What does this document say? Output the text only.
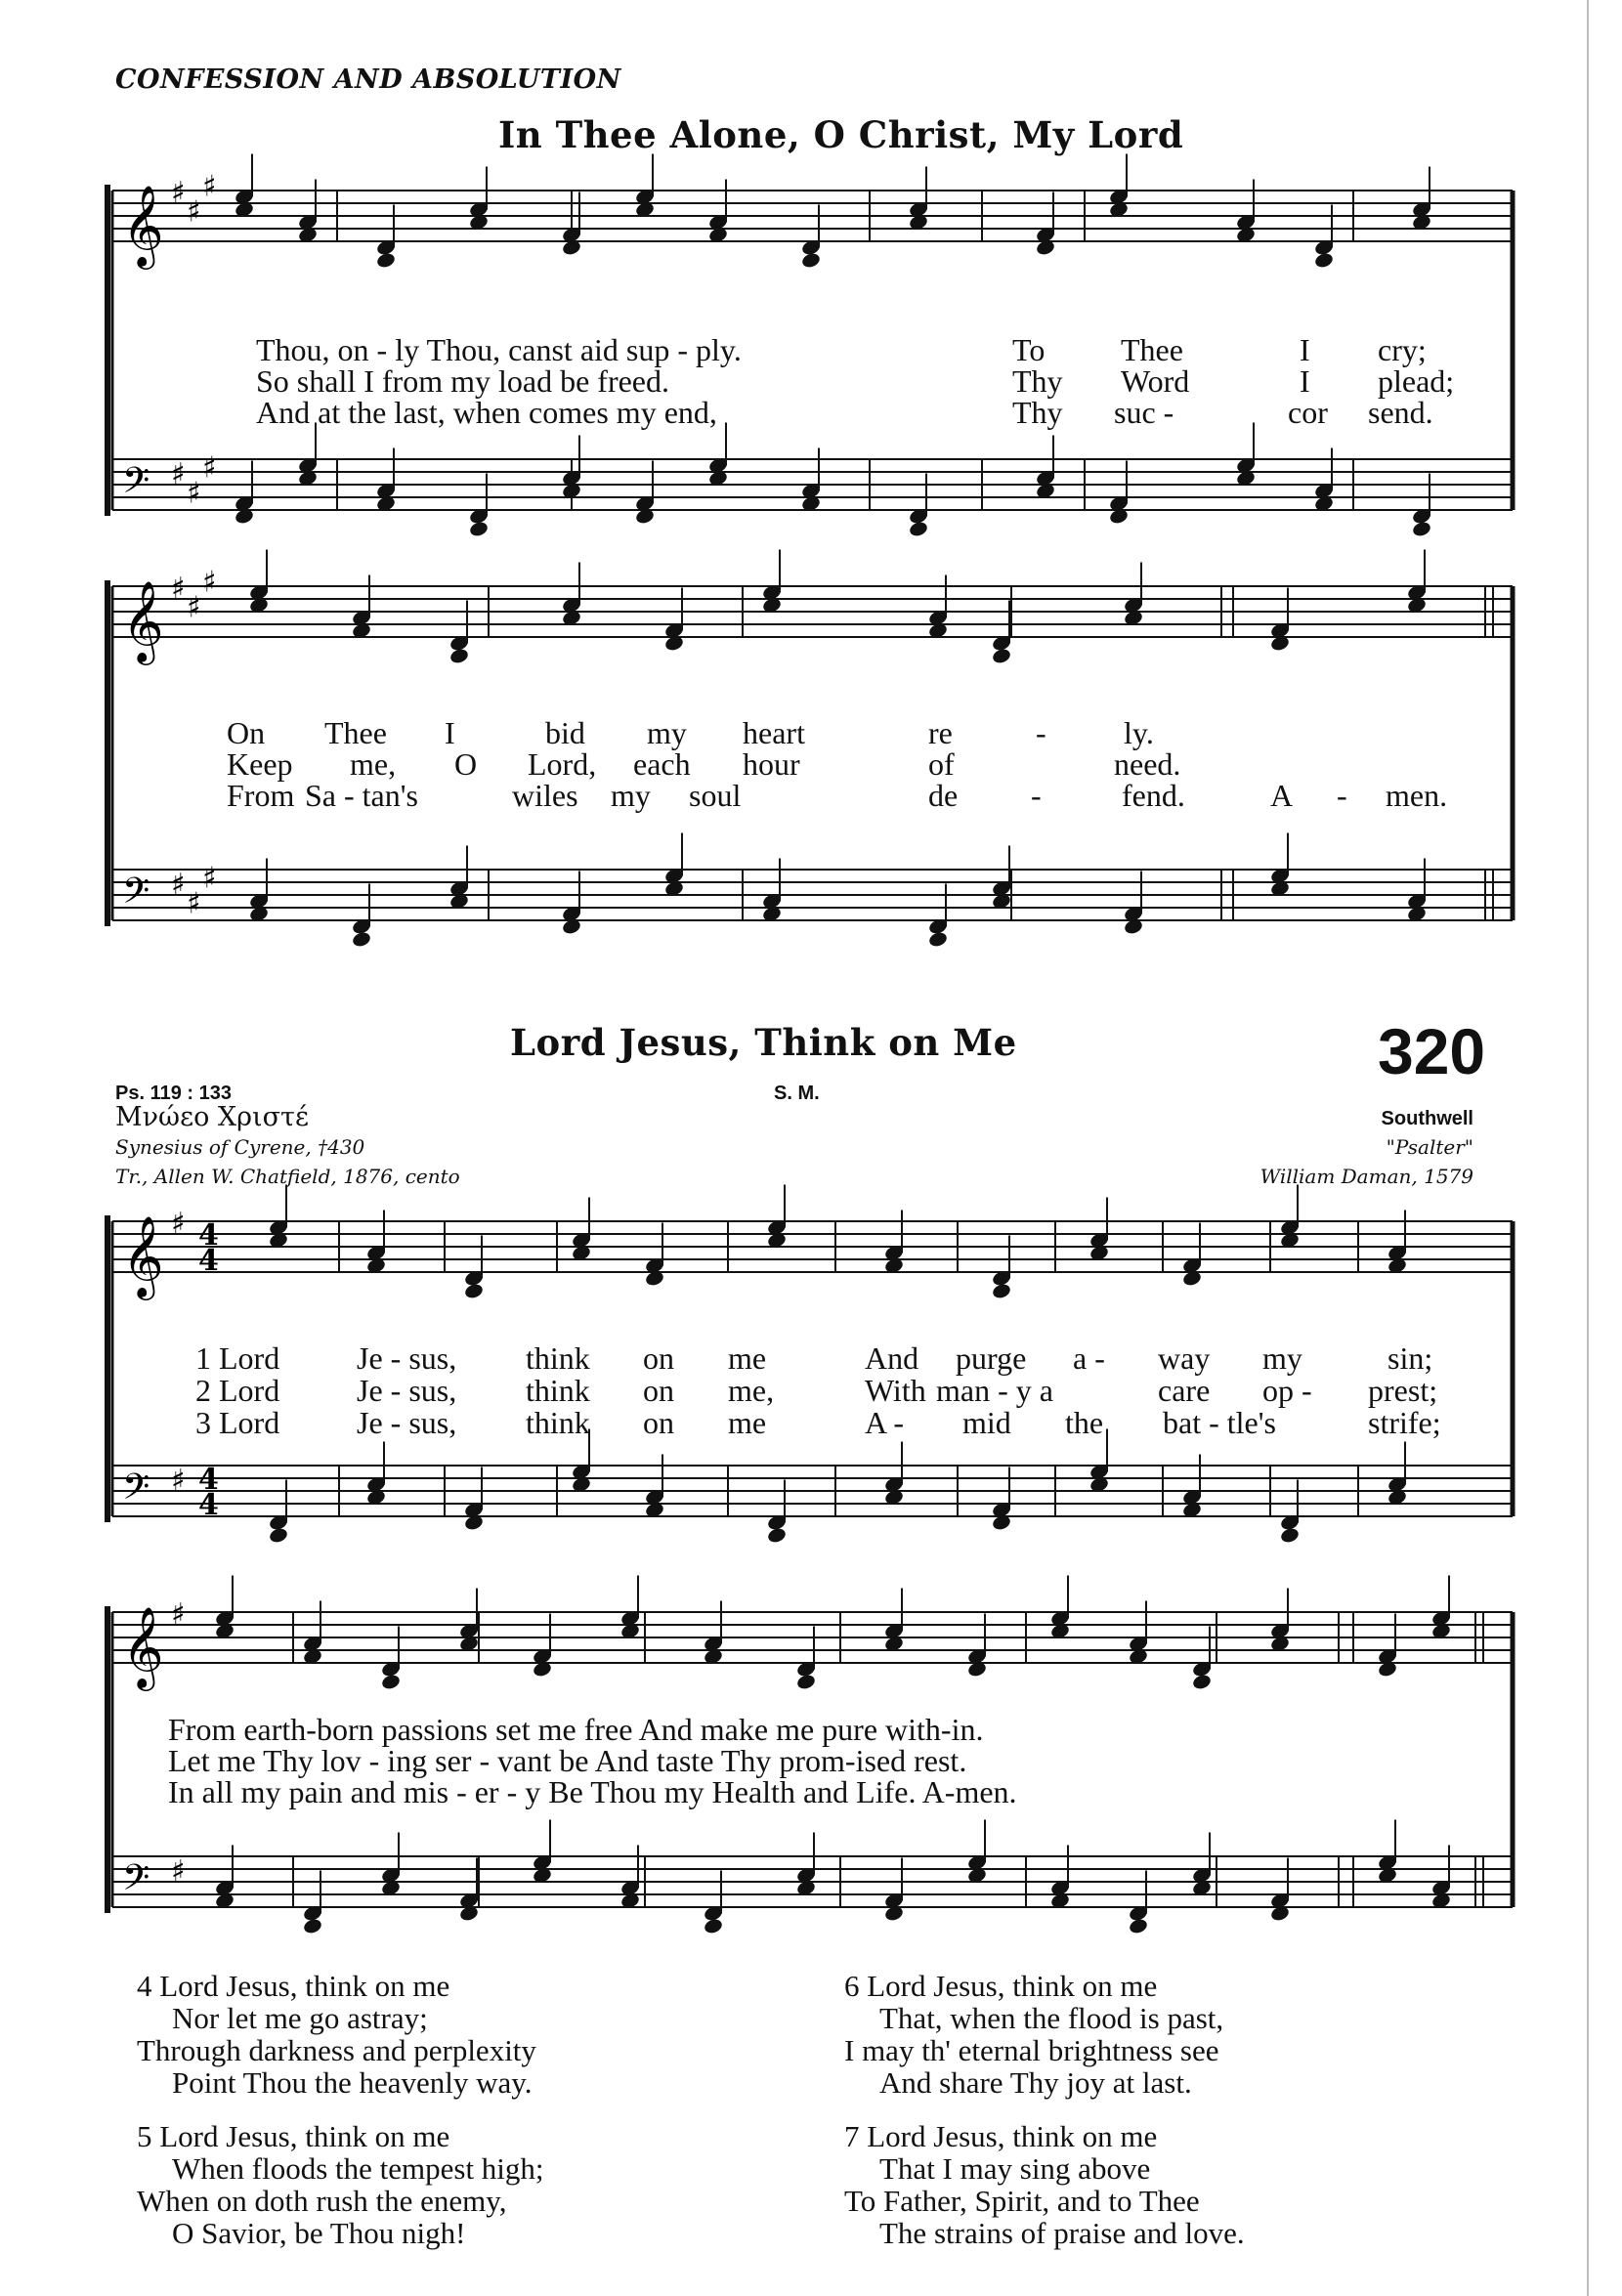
CONFESSION AND ABSOLUTION
In Thee Alone, O Christ, My Lord
𝄞
𝄢
♯
♯
♯
♯
♯
♯
Thou, on - ly Thou, canst aid sup - ply.	To Thee	I cry;
So shall I from my load be freed.	Thy Word	I plead;
And at the last, when comes my end,	Thy suc -	cor send.
𝄞
𝄢
♯
♯
♯
♯
♯
♯
On Thee I	bid my heart	re	- ly.
Keep me, O Lord, each hour	of	need.
From Sa - tan's	wiles my soul	de -	fend.	A - men.
Lord Jesus, Think on Me	320
Ps. 119 : 133	S. M.
Southwell
Μνώεο Χριστέ
Synesius of Cyrene, †430	"Psalter"
Tr., Allen W. Chatfield, 1876, cento	William Daman, 1579
𝄞
𝄢
♯
♯
4
4
4
4
1 Lord Je - sus, think on me	And purge a - way my	sin;
2 Lord Je - sus, think on me,	With man - y a	care op - prest;
3 Lord Je - sus, think on me	A - mid the bat - tle's	strife;
𝄞
𝄢
♯
♯
From earth-born passions set me free And make me pure with-in.
Let me Thy lov - ing ser - vant be And taste Thy prom-ised rest.
In all my pain and mis - er - y Be Thou my Health and Life. A-men.
4 Lord Jesus, think on me
Nor let me go astray;
Through darkness and perplexity
Point Thou the heavenly way.
5 Lord Jesus, think on me
When floods the tempest high;
When on doth rush the enemy,
O Savior, be Thou nigh!
6 Lord Jesus, think on me
That, when the flood is past,
I may th' eternal brightness see
And share Thy joy at last.
7 Lord Jesus, think on me
That I may sing above
To Father, Spirit, and to Thee
The strains of praise and love.
